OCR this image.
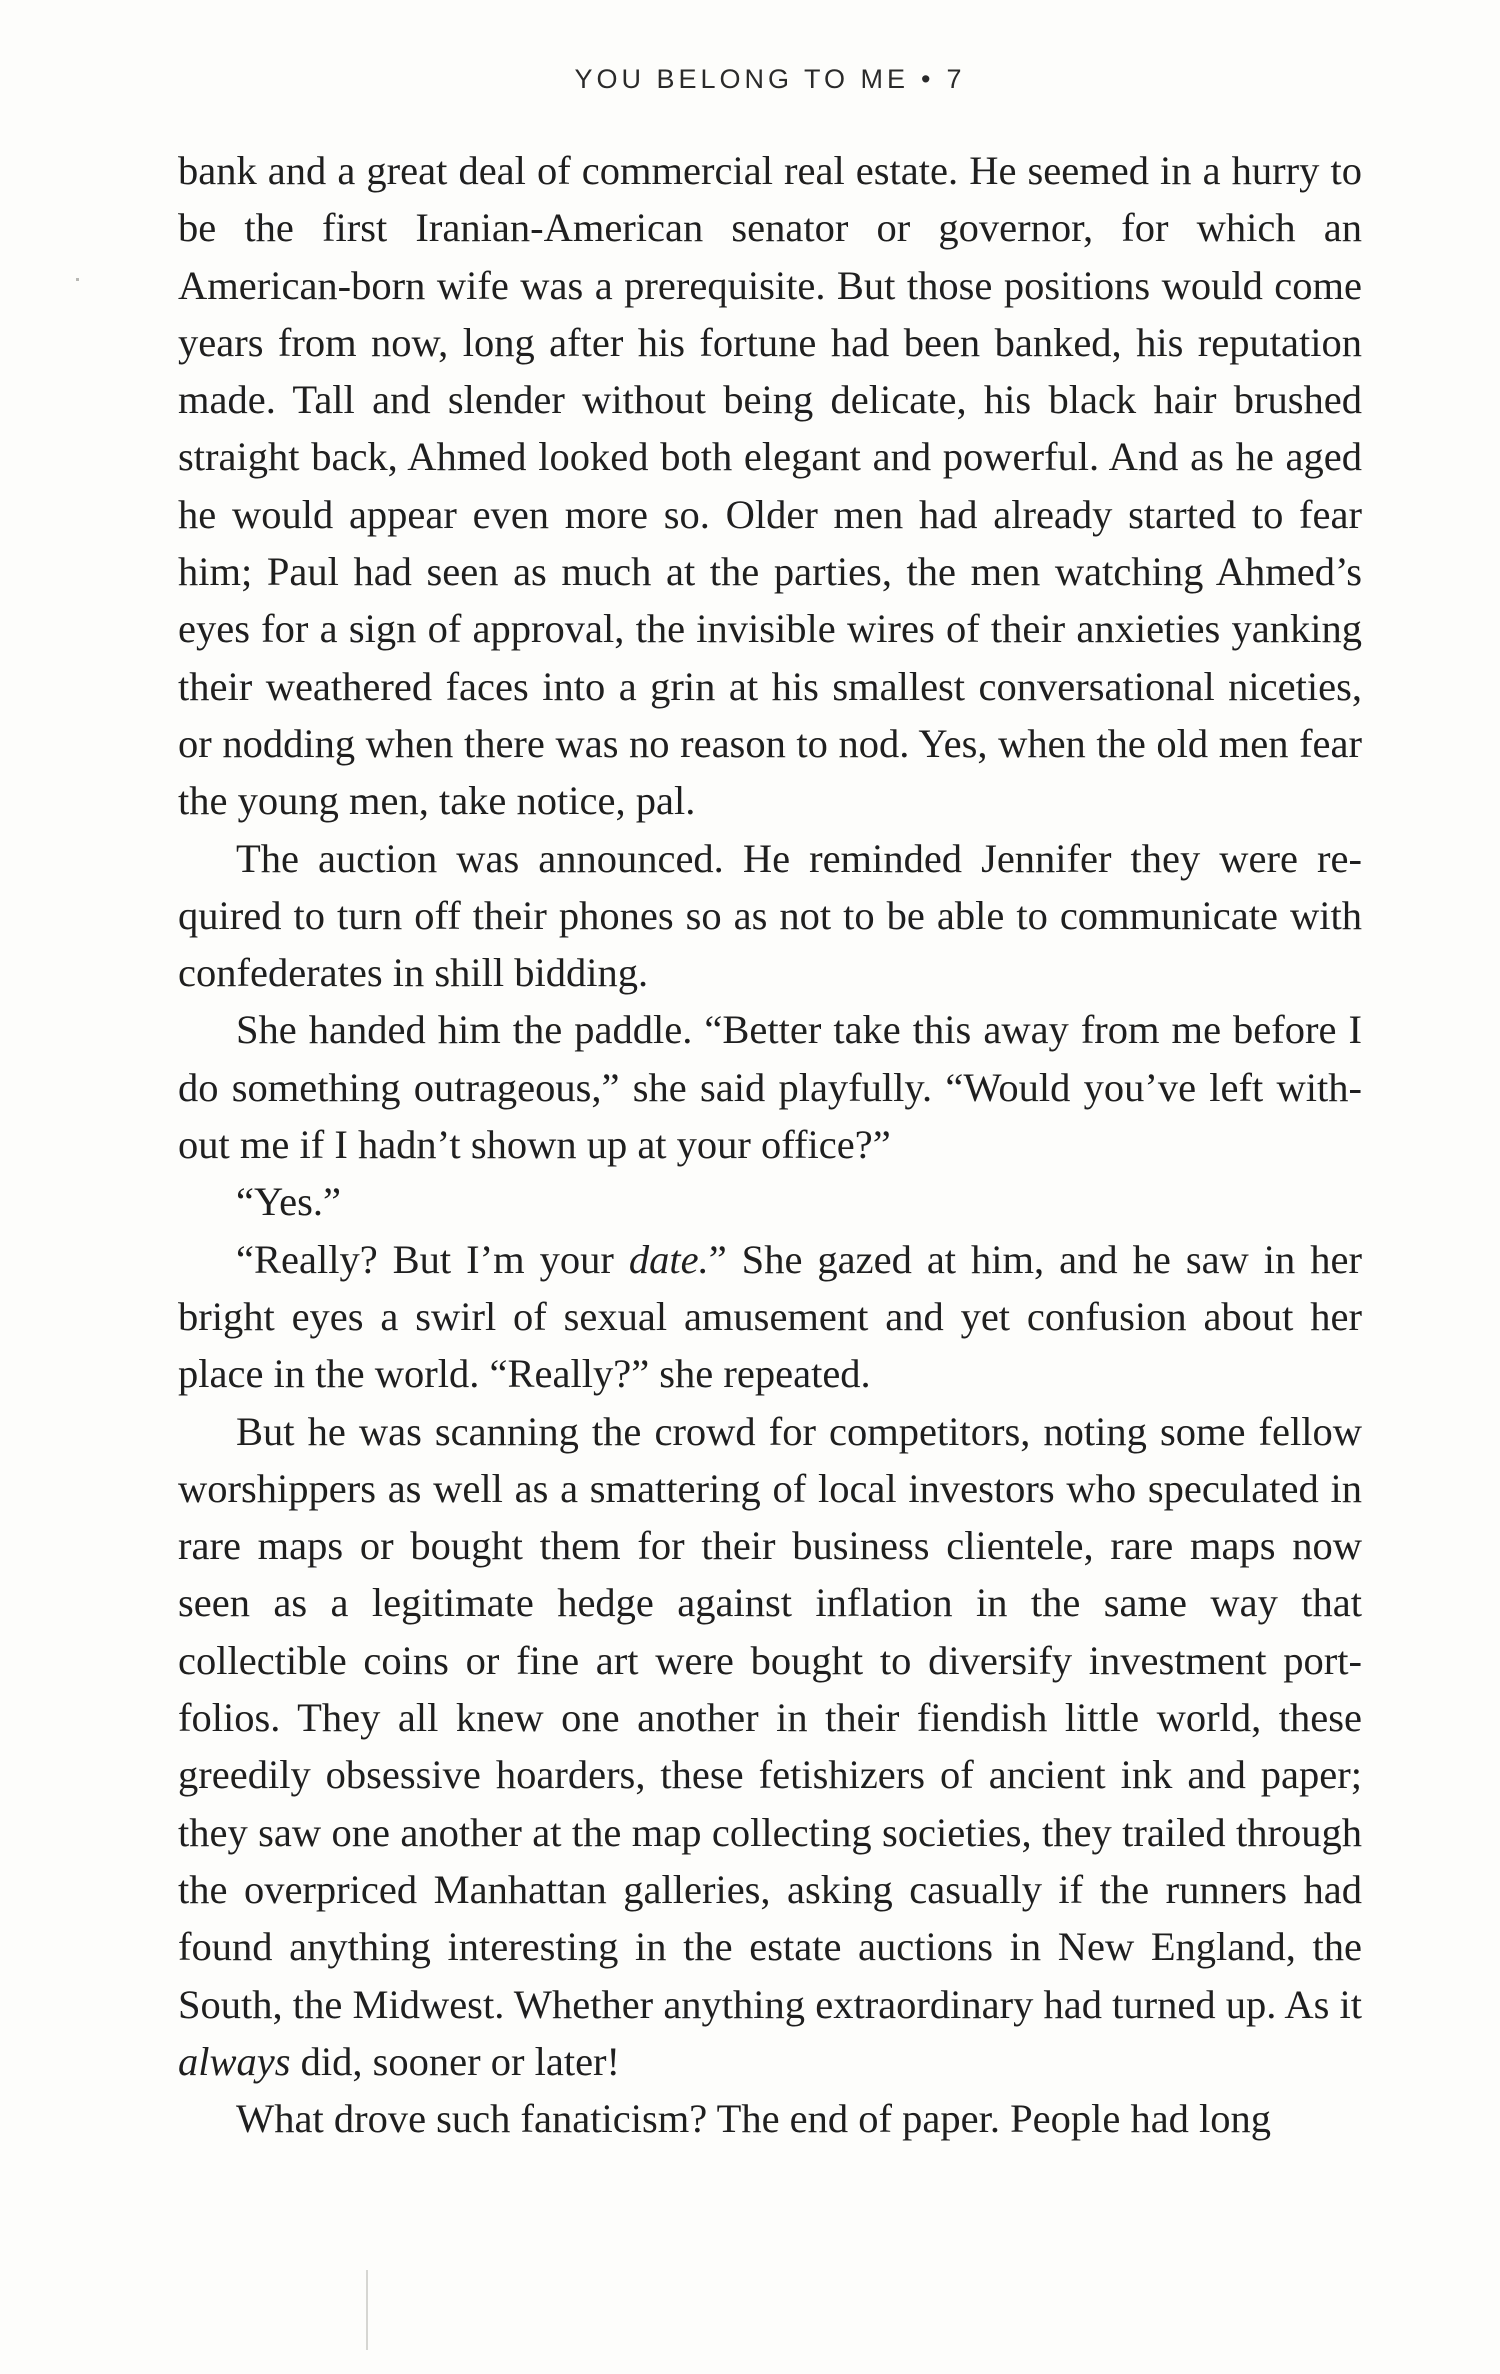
YOU BELONG TO ME • 7

bank and a great deal of commercial real estate. He seemed in a hurry to be the first Iranian-American senator or governor, for which an American-born wife was a prerequisite. But those positions would come years from now, long after his fortune had been banked, his reputation made. Tall and slender without being delicate, his black hair brushed straight back, Ahmed looked both elegant and powerful. And as he aged he would appear even more so. Older men had already started to fear him; Paul had seen as much at the parties, the men watching Ahmed’s eyes for a sign of approval, the invisible wires of their anxieties yanking their weathered faces into a grin at his smallest conversational niceties, or nodding when there was no reason to nod. Yes, when the old men fear the young men, take notice, pal.

The auction was announced. He reminded Jennifer they were required to turn off their phones so as not to be able to communicate with confederates in shill bidding.

She handed him the paddle. “Better take this away from me before I do something outrageous,” she said playfully. “Would you’ve left without me if I hadn’t shown up at your office?”

“Yes.”

“Really? But I’m your date.” She gazed at him, and he saw in her bright eyes a swirl of sexual amusement and yet confusion about her place in the world. “Really?” she repeated.

But he was scanning the crowd for competitors, noting some fellow worshippers as well as a smattering of local investors who speculated in rare maps or bought them for their business clientele, rare maps now seen as a legitimate hedge against inflation in the same way that collectible coins or fine art were bought to diversify investment portfolios. They all knew one another in their fiendish little world, these greedily obsessive hoarders, these fetishizers of ancient ink and paper; they saw one another at the map collecting societies, they trailed through the overpriced Manhattan galleries, asking casually if the runners had found anything interesting in the estate auctions in New England, the South, the Midwest. Whether anything extraordinary had turned up. As it always did, sooner or later!

What drove such fanaticism? The end of paper. People had long
